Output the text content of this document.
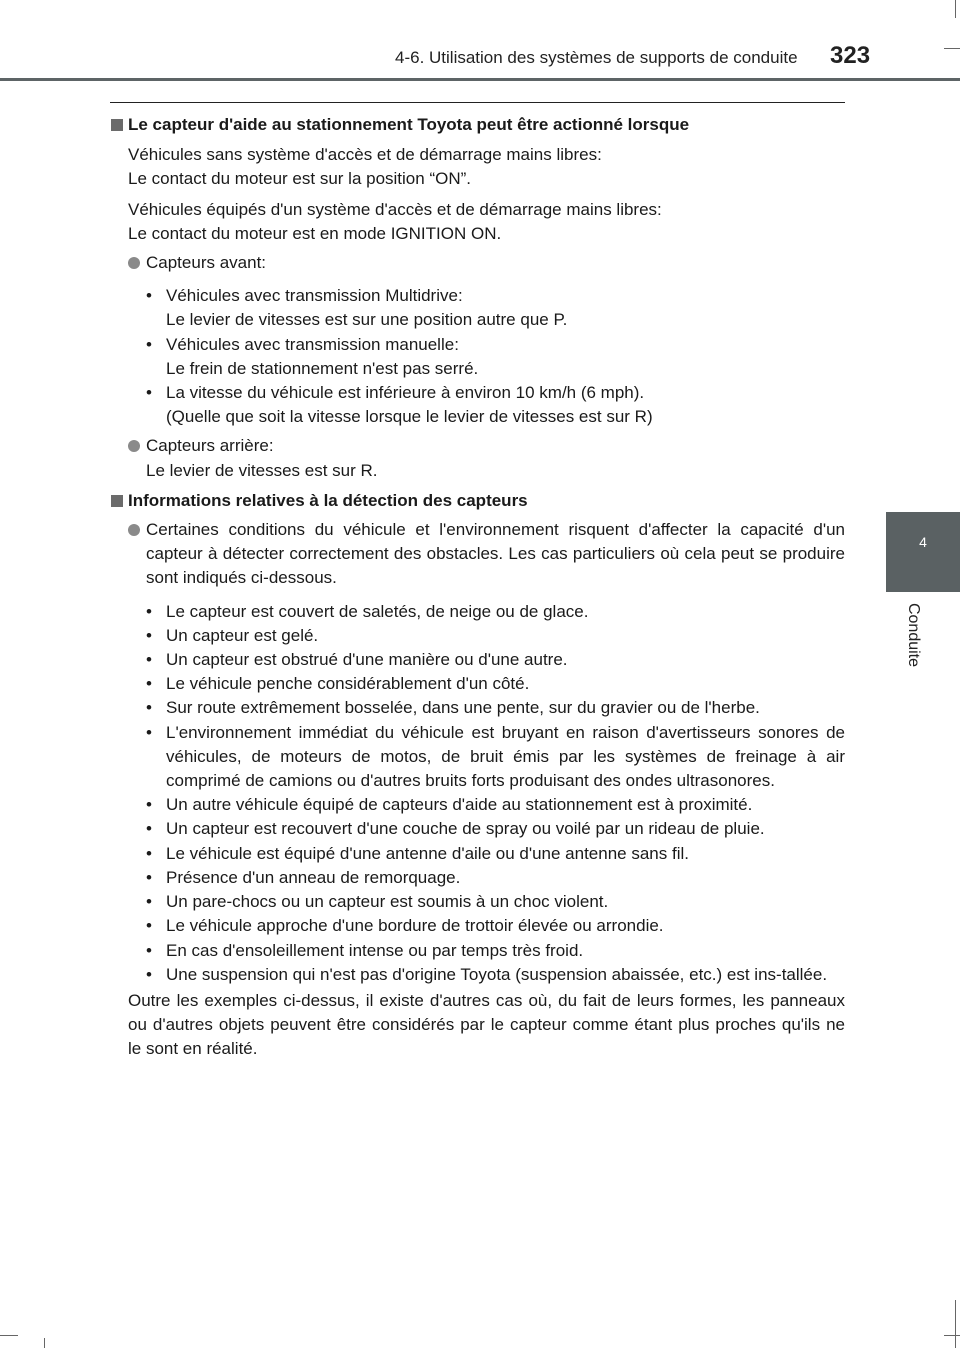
4-6. Utilisation des systèmes de supports de conduite 323
4
Conduite

Le capteur d'aide au stationnement Toyota peut être actionné lorsque

Véhicules sans système d'accès et de démarrage mains libres:
Le contact du moteur est sur la position “ON”.

Véhicules équipés d'un système d'accès et de démarrage mains libres:
Le contact du moteur est en mode IGNITION ON.

Capteurs avant:

• Véhicules avec transmission Multidrive:
Le levier de vitesses est sur une position autre que P.
• Véhicules avec transmission manuelle:
Le frein de stationnement n'est pas serré.
• La vitesse du véhicule est inférieure à environ 10 km/h (6 mph).
(Quelle que soit la vitesse lorsque le levier de vitesses est sur R)

Capteurs arrière:
Le levier de vitesses est sur R.

Informations relatives à la détection des capteurs

Certaines conditions du véhicule et l'environnement risquent d'affecter la capacité d'un capteur à détecter correctement des obstacles. Les cas particuliers où cela peut se produire sont indiqués ci-dessous.

• Le capteur est couvert de saletés, de neige ou de glace.
• Un capteur est gelé.
• Un capteur est obstrué d'une manière ou d'une autre.
• Le véhicule penche considérablement d'un côté.
• Sur route extrêmement bosselée, dans une pente, sur du gravier ou de l'herbe.
• L'environnement immédiat du véhicule est bruyant en raison d'avertisseurs sonores de véhicules, de moteurs de motos, de bruit émis par les systèmes de freinage à air comprimé de camions ou d'autres bruits forts produisant des ondes ultrasonores.
• Un autre véhicule équipé de capteurs d'aide au stationnement est à proximité.
• Un capteur est recouvert d'une couche de spray ou voilé par un rideau de pluie.
• Le véhicule est équipé d'une antenne d'aile ou d'une antenne sans fil.
• Présence d'un anneau de remorquage.
• Un pare-chocs ou un capteur est soumis à un choc violent.
• Le véhicule approche d'une bordure de trottoir élevée ou arrondie.
• En cas d'ensoleillement intense ou par temps très froid.
• Une suspension qui n'est pas d'origine Toyota (suspension abaissée, etc.) est ins-tallée.

Outre les exemples ci-dessus, il existe d'autres cas où, du fait de leurs formes, les panneaux ou d'autres objets peuvent être considérés par le capteur comme étant plus proches qu'ils ne le sont en réalité.
